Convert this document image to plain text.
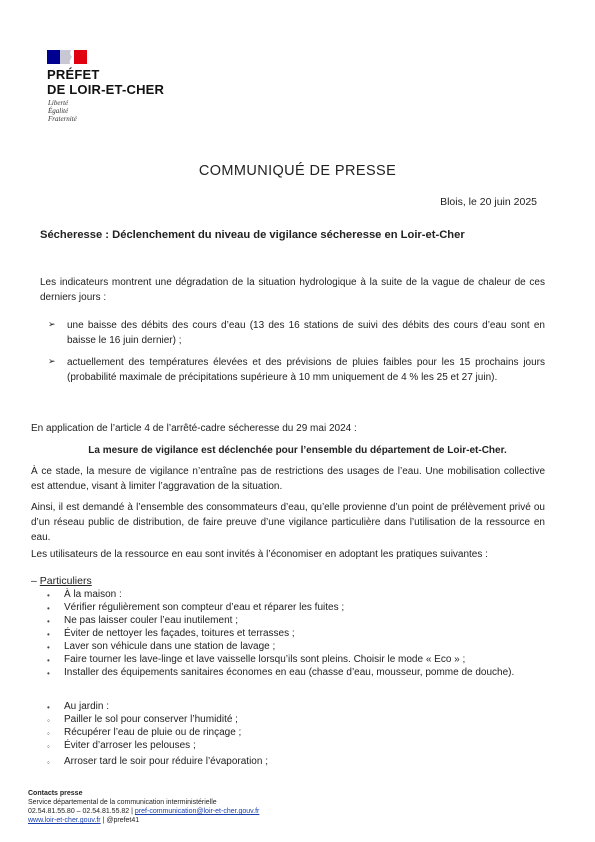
PRÉFET
DE LOIR-ET-CHER
Liberté
Égalité
Fraternité
COMMUNIQUÉ DE PRESSE
Blois, le 20 juin 2025
Sécheresse : Déclenchement du niveau de vigilance sécheresse en Loir-et-Cher
Les indicateurs montrent une dégradation de la situation hydrologique à la suite de la vague de chaleur de ces derniers jours :
➢ une baisse des débits des cours d’eau (13 des 16 stations de suivi des débits des cours d’eau sont en baisse le 16 juin dernier) ;
➢ actuellement des températures élevées et des prévisions de pluies faibles pour les 15 prochains jours (probabilité maximale de précipitations supérieure à 10 mm uniquement de 4 % les 25 et 27 juin).
En application de l’article 4 de l’arrêté-cadre sécheresse du 29 mai 2024 :
La mesure de vigilance est déclenchée pour l’ensemble du département de Loir-et-Cher.
À ce stade, la mesure de vigilance n’entraîne pas de restrictions des usages de l’eau. Une mobilisation collective est attendue, visant à limiter l’aggravation de la situation.
Ainsi, il est demandé à l’ensemble des consommateurs d’eau, qu’elle provienne d’un point de prélèvement privé ou d’un réseau public de distribution, de faire preuve d’une vigilance particulière dans l’utilisation de la ressource en eau.
Les utilisateurs de la ressource en eau sont invités à l’économiser en adoptant les pratiques suivantes :
– Particuliers
À la maison :
•
• Vérifier régulièrement son compteur d’eau et réparer les fuites ;
• Ne pas laisser couler l’eau inutilement ;
• Éviter de nettoyer les façades, toitures et terrasses ;
• Laver son véhicule dans une station de lavage ;
• Faire tourner les lave-linge et lave vaisselle lorsqu’ils sont pleins. Choisir le mode « Eco » ;
• Installer des équipements sanitaires économes en eau (chasse d’eau, mousseur, pomme de douche).
• Au jardin :
◦ Pailler le sol pour conserver l’humidité ;
◦ Récupérer l’eau de pluie ou de rinçage ;
◦ Éviter d’arroser les pelouses ;
◦ Arroser tard le soir pour réduire l’évaporation ;
Contacts presse
Service départemental de la communication interministérielle
02.54.81.55.80 – 02.54.81.55.82 | pref-communication@loir-et-cher.gouv.fr
www.loir-et-cher.gouv.fr | @prefet41
